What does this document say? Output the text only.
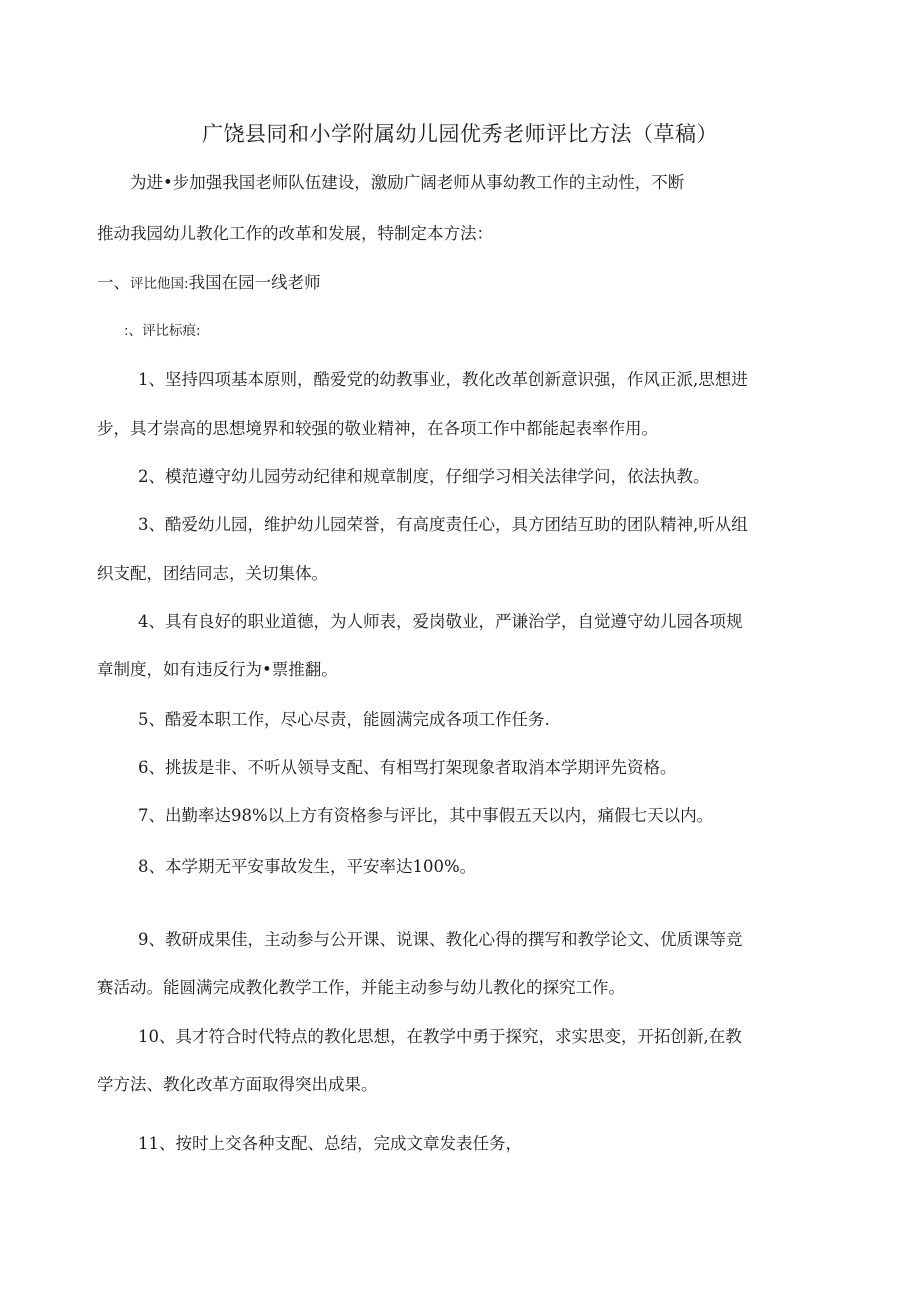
广饶县同和小学附属幼儿园优秀老师评比方法（草稿）
为进•步加强我国老师队伍建设，激励广阔老师从事幼教工作的主动性，不断
推动我园幼儿教化工作的改革和发展，特制定本方法：
一、评比他国:我国在园一线老师
:、评比标痕:
1、坚持四项基本原则，酷爱党的幼教事业，教化改革创新意识强，作风正派,思想进
步，具才崇高的思想境界和较强的敬业精神，在各项工作中都能起表率作用。
2、模范遵守幼儿园劳动纪律和规章制度，仔细学习相关法律学问，依法执教。
3、酷爱幼儿园，维护幼儿园荣誉，有高度责任心，具方团结互助的团队精神,听从组
织支配，团结同志，关切集体。
4、具有良好的职业道德，为人师表，爱岗敬业，严谦治学，自觉遵守幼儿园各项规
章制度，如有违反行为•票推翻。
5、酷爱本职工作，尽心尽责，能圆满完成各项工作任务.
6、挑拔是非、不听从领导支配、有相骂打架现象者取消本学期评先资格。
7、出勤率达98%以上方有资格参与评比，其中事假五天以内，痛假七天以内。
8、本学期无平安事故发生，平安率达100%。
9、教研成果佳，主动参与公开课、说课、教化心得的撰写和教学论文、优质课等竞
赛活动。能圆满完成教化教学工作，并能主动参与幼儿教化的探究工作。
10、具才符合时代特点的教化思想，在教学中勇于探究，求实思变，开拓创新,在教
学方法、教化改革方面取得突出成果。
11、按时上交各种支配、总结，完成文章发表任务，
